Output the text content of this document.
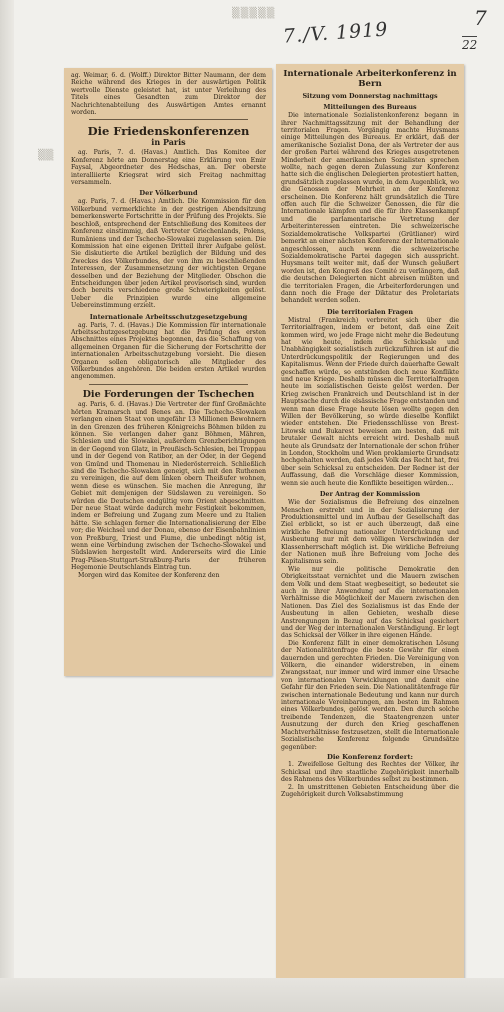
▒▒▒▒▒
▒▒
7./V. 1919
7
22

ag. Weimar, 6. d. (Wolff.) Direktor Bitter Naumann, der dem Reiche während des Krieges in der auswärtigen Politik wertvolle Dienste geleistet hat, ist unter Verleihung des Titels eines Gesandten zum Direktor der Nachrichtenabteilung des Auswärtigen Amtes ernannt worden.

Die Friedenskonferenzen
in Paris

ag. Paris, 7. d. (Havas.) Amtlich. Das Komitee der Konferenz hörte am Donnerstag eine Erklärung von Emir Faysal, Abgeordneter des Hedschas, an. Der oberste interalliierte Kriegsrat wird sich Freitag nachmittag versammeln.

Der Völkerbund

ag. Paris, 7. d. (Havas.) Amtlich. Die Kommission für den Völkerbund vermerklichte in der gestrigen Abendsitzung bemerkenswerte Fortschritte in der Prüfung des Projekts. Sie beschloß, entsprechend der Entschließung des Komitees der Konferenz einstimmig, daß Vertreter Griechenlands, Polens, Rumäniens und der Tschecho-Slowakei zugelassen seien. Die Kommission hat eine eigenen Dritteil ihrer Aufgabe gelöst. Sie diskutierte die Artikel bezüglich der Bildung und des Zweckes des Völkerbundes, der von ihm zu beschließenden Interessen, der Zusammensetzung der wichtigsten Organe desselben und der Beziehung der Mitglieder. Obschon die Entscheidungen über jeden Artikel provisorisch sind, wurden doch bereits verschiedene große Schwierigkeiten gelöst. Ueber die Prinzipien wurde eine allgemeine Uebereinstimmung erzielt.

Internationale Arbeitsschutzgesetzgebung

ag. Paris, 7. d. (Havas.) Die Kommission für internationale Arbeitsschutzgesetzgebung hat die Prüfung des ersten Abschnittes eines Projektes begonnen, das die Schaffung von allgemeinen Organen für die Sicherung der Fortschritte der internationalen Arbeitsschutzgebung vorsieht. Die diesen Organen sollen obligatorisch alle Mitglieder des Völkerbundes angehören. Die beiden ersten Artikel wurden angenommen.

Die Forderungen der Tschechen

ag. Paris, 6. d. (Havas.) Die Vertreter der fünf Großmächte hörten Kramarsch und Benes an. Die Tschecho-Slowaken verlangen einen Staat von ungefähr 13 Millionen Bewohnern in den Grenzen des früheren Königreichs Böhmen bilden zu können. Sie verlangen daher ganz Böhmen, Mähren, Schlesien und die Slowakei, außerdem Grenzberichtigungen in der Gegend von Glatz, in Preußisch-Schlesien, bei Troppau und in der Gegend von Ratibor, an der Oder, in der Gegend von Gmünd und Thomenau in Niederösterreich. Schließlich sind die Tschecho-Slowaken geneigt, sich mit den Ruthenen zu vereinigen, die auf dem linken obern Theißufer wohnen, wenn diese es wünschen. Sie machen die Anregung, ihr Gebiet mit demjenigen der Südslawen zu vereinigen. So würden die Deutschen endgültig vom Orient abgeschnitten. Der neue Staat würde dadurch mehr Festigkeit bekommen, indem er Befreiung und Zugang zum Meere und zu Italien hätte. Sie schlagen ferner die Internationalisierung der Elbe vor; die Weichsel und der Donau, ebenso der Eisenbahnlinien von Preßburg, Triest und Fiume, die unbedingt nötig ist, wenn eine Verbindung zwischen der Tschecho-Slowakei und Südslawien hergestellt wird. Andererseits wird die Linie Prag-Pilsen-Stuttgart-Straßburg-Paris der früheren Hegemonie Deutschlands Eintrag tun.

Morgen wird das Komitee der Konferenz den

Internationale Arbeiterkonferenz in Bern
Sitzung vom Donnerstag nachmittags
Mitteilungen des Bureaus

Die internationale Sozialistenkonferenz begann in ihrer Nachmittagssitzung mit der Behandlung der territorialen Fragen. Vorgängig machte Huysmans einige Mitteilungen des Bureaus. Er erklärt, daß der amerikanische Sozialist Dona, der als Vertreter der aus der großen Partei während des Krieges ausgetretenen Minderheit der amerikanischen Sozialisten sprechen wollte, nach gegen deren Zulassung zur Konferenz hatte sich die englischen Delegierten protestiert hatten, grundsätzlich zugelassen wurde, in dem Augenblick, wo die Genossen der Mehrheit an der Konferenz erscheinen. Die Konferenz hält grundsätzlich die Türe offen auch für die Schweizer Genossen, die für die Internationale kämpfen und die für ihre Klassenkampf und die parlamentarische Vertretung der Arbeiterinteressen eintreten. Die schweizerische Sozialdemokratische Volkspartei (Grütlianer) wird bemerkt an einer nächsten Konferenz der Internationale angeschlossen, auch wenn die schweizerische Sozialdemokratische Partei dagegen sich ausspricht. Huysmans teilt weiter mit, daß der Wunsch geäußert worden ist, den Kongreß des Comité zu verlängern, daß die deutschen Delegierten nicht abreisen müßten und die territorialen Fragen, die Arbeiterforderungen und dann noch die Frage der Diktatur des Proletariats behandelt werden sollen.

Die territorialen Fragen

Mistral (Frankreich) verbreitet sich über die Territorialfragen, indem er betont, daß eine Zeit kommen wird, wo jede Frage nicht mehr die Bedeutung hat wie heute, indem die Schicksale und Unabhängigkeit sozialistisch zurückzuführen ist auf die Unterdrückungspolitik der Regierungen und des Kapitalismus. Wenn der Friede durch dauerhafte Gewalt geschaffen würde, so entstünden doch neue Konflikte und neue Kriege. Deshalb müssen die Territorialfragen heute im sozialistischen Geiste gelöst werden. Der Krieg zwischen Frankreich und Deutschland ist in der Hauptsache durch die elsässische Frage entstanden und wenn man diese Frage heute lösen wollte gegen den Willen der Bevölkerung, so würde dieselbe Konflikt wieder entstehen. Die Friedensschlüsse von Brest-Litowsk und Bukarest beweisen am besten, daß mit brutaler Gewalt nichts erreicht wird. Deshalb muß heute als Grundsatz der Internationale der schon früher in London, Stockholm und Wien proklamierte Grundsatz hochgehalten werden, daß jedes Volk das Recht hat, frei über sein Schicksal zu entscheiden. Der Redner ist der Auffassung, daß die Vorschläge dieser Kommission, wenn sie auch heute die Konflikte beseitigen würden...

Der Antrag der Kommission

Wie der Sozialismus die Befreiung des einzelnen Menschen erstrebt und in der Sozialisierung der Produktionsmittel und im Aufbau der Gesellschaft das Ziel erblickt, so ist er auch überzeugt, daß eine wirkliche Befreiung nationaler Unterdrückung und Ausbeutung nur mit dem völligen Verschwinden der Klassenherrschaft möglich ist. Die wirkliche Befreiung der Nationen muß ihre Befreiung vom Joche des Kapitalismus sein.

Wie nur die politische Demokratie den Obrigkeitsstaat vernichtet und die Mauern zwischen dem Volk und dem Staat wegbeseitigt, so bedeutet sie auch in ihrer Anwendung auf die internationalen Verhältnisse die Möglichkeit der Mauern zwischen den Nationen. Das Ziel des Sozialismus ist das Ende der Ausbeutung in allen Gebieten, weshalb diese Anstrengungen in Bezug auf das Schicksal gesichert und der Weg der internationalen Verständigung. Er legt das Schicksal der Völker in ihre eigenen Hände.

Die Konferenz fällt in einer demokratischen Lösung der Nationalitätenfrage die beste Gewähr für einen dauernden und gerechten Frieden. Die Vereinigung von Völkern, die einander widerstreben, in einem Zwangsstaat, nur immer und wird immer eine Ursache von internationalen Verwicklungen und damit eine Gefahr für den Frieden sein. Die Nationalitätenfrage für zwischen internationale Bedeutung und kann nur durch internationale Vereinbarungen, am besten im Rahmen eines Völkerbundes, gelöst werden. Den durch solche treibende Tendenzen, die Staatengrenzen unter Ausnutzung der durch den Krieg geschaffenen Machtverhältnisse festzusetzen, stellt die Internationale Sozialistische Konferenz folgende Grundsätze gegenüber:

Die Konferenz fordert:

1. Zweifellose Geltung des Rechtes der Völker, ihr Schicksal und ihre staatliche Zugehörigkeit innerhalb des Rahmens des Völkerbundes selbst zu bestimmen.

2. In umstrittenen Gebieten Entscheidung über die Zugehörigkeit durch Volksabstimmung
